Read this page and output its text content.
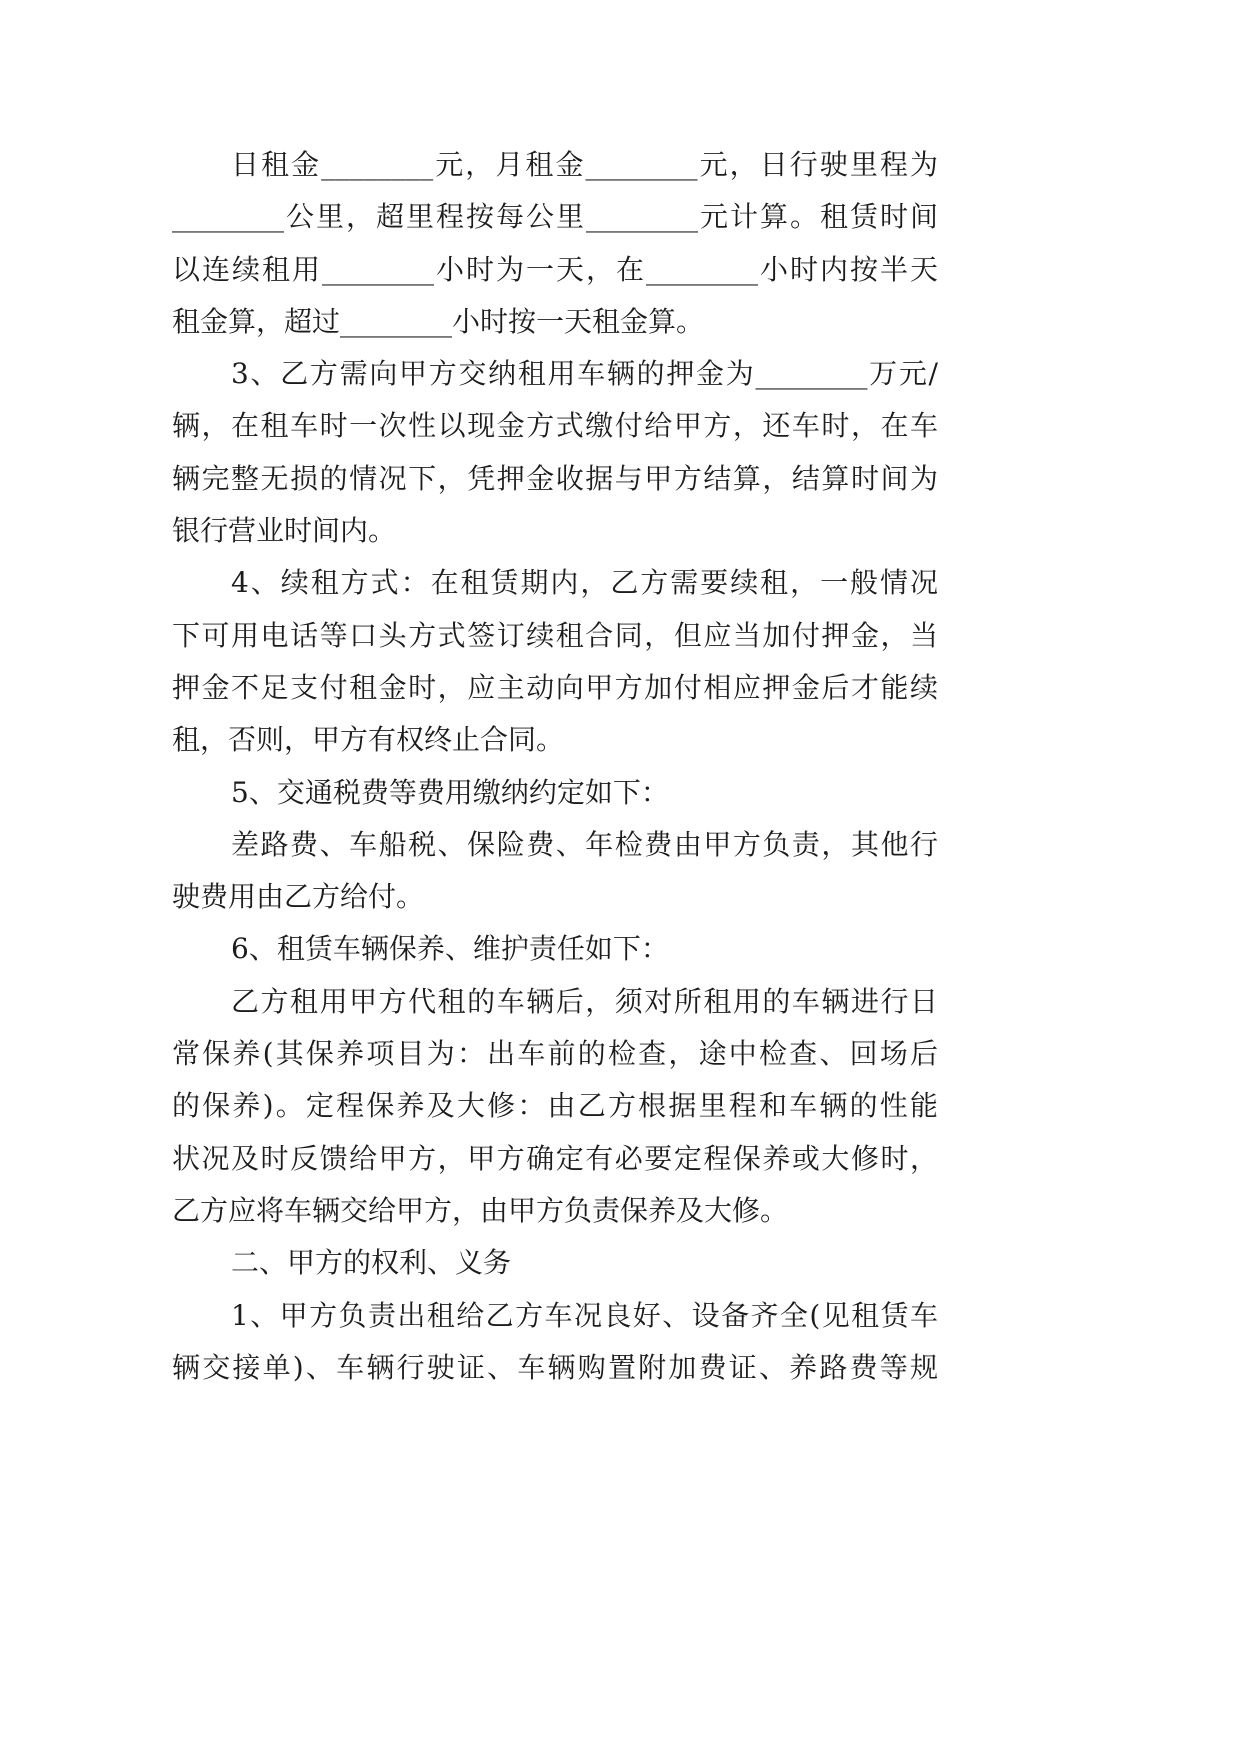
日租金________元，月租金________元，日行驶里程为
________公里，超里程按每公里________元计算。租赁时间
以连续租用________小时为一天，在________小时内按半天
租金算，超过________小时按一天租金算。
3、乙方需向甲方交纳租用车辆的押金为________万元/
辆，在租车时一次性以现金方式缴付给甲方，还车时，在车
辆完整无损的情况下，凭押金收据与甲方结算，结算时间为
银行营业时间内。
4、续租方式：在租赁期内，乙方需要续租，一般情况
下可用电话等口头方式签订续租合同，但应当加付押金，当
押金不足支付租金时，应主动向甲方加付相应押金后才能续
租，否则，甲方有权终止合同。
5、交通税费等费用缴纳约定如下：
差路费、车船税、保险费、年检费由甲方负责，其他行
驶费用由乙方给付。
6、租赁车辆保养、维护责任如下：
乙方租用甲方代租的车辆后，须对所租用的车辆进行日
常保养(其保养项目为：出车前的检查，途中检查、回场后
的保养)。定程保养及大修：由乙方根据里程和车辆的性能
状况及时反馈给甲方，甲方确定有必要定程保养或大修时，
乙方应将车辆交给甲方，由甲方负责保养及大修。
二、甲方的权利、义务
1、甲方负责出租给乙方车况良好、设备齐全(见租赁车
辆交接单)、车辆行驶证、车辆购置附加费证、养路费等规
